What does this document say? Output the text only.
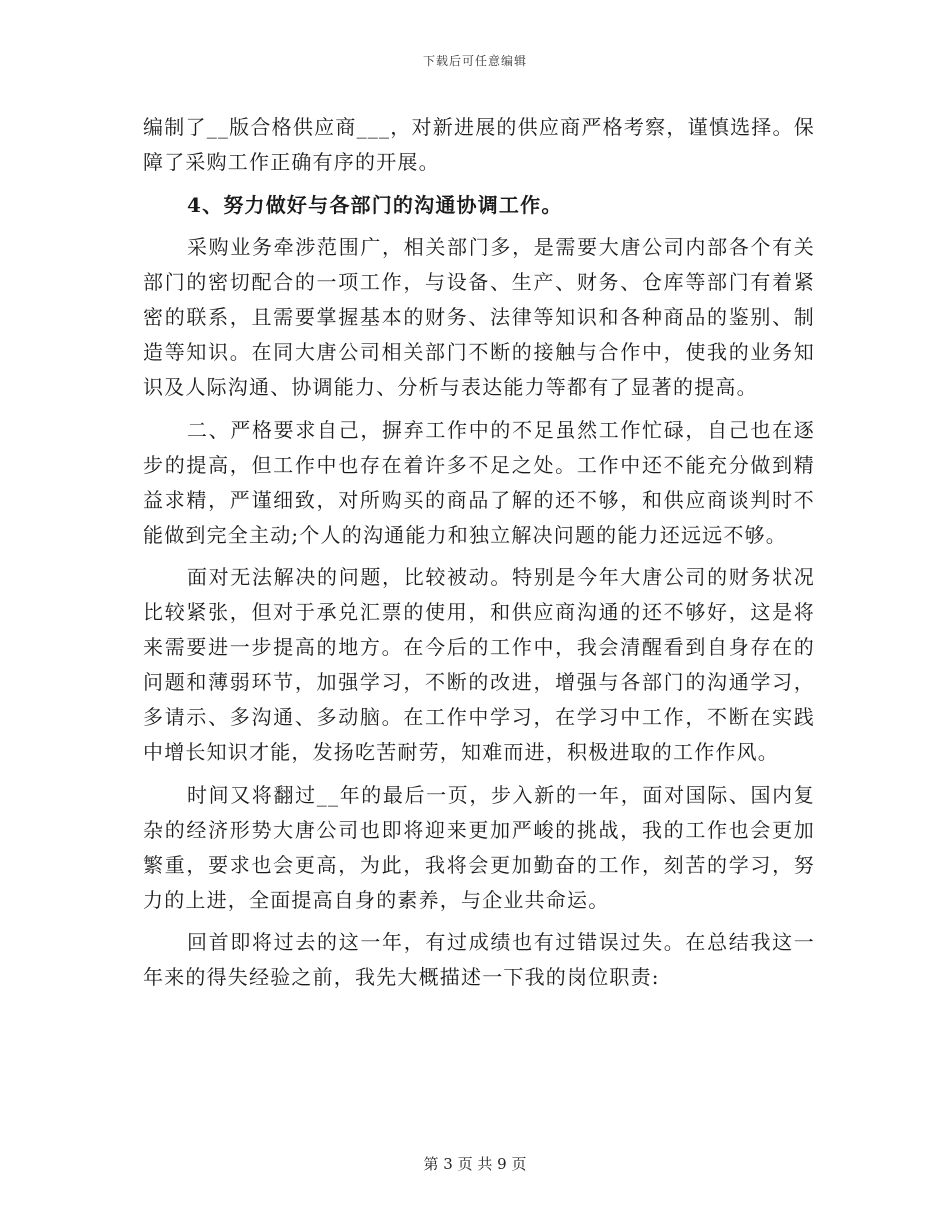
下载后可任意编辑

编制了__版合格供应商___，对新进展的供应商严格考察，谨慎选择。保障了采购工作正确有序的开展。

4、努力做好与各部门的沟通协调工作。

采购业务牵涉范围广，相关部门多，是需要大唐公司内部各个有关部门的密切配合的一项工作，与设备、生产、财务、仓库等部门有着紧密的联系，且需要掌握基本的财务、法律等知识和各种商品的鉴别、制造等知识。在同大唐公司相关部门不断的接触与合作中，使我的业务知识及人际沟通、协调能力、分析与表达能力等都有了显著的提高。

二、严格要求自己，摒弃工作中的不足虽然工作忙碌，自己也在逐步的提高，但工作中也存在着许多不足之处。工作中还不能充分做到精益求精，严谨细致，对所购买的商品了解的还不够，和供应商谈判时不能做到完全主动;个人的沟通能力和独立解决问题的能力还远远不够。

面对无法解决的问题，比较被动。特别是今年大唐公司的财务状况比较紧张，但对于承兑汇票的使用，和供应商沟通的还不够好，这是将来需要进一步提高的地方。在今后的工作中，我会清醒看到自身存在的问题和薄弱环节，加强学习，不断的改进，增强与各部门的沟通学习，多请示、多沟通、多动脑。在工作中学习，在学习中工作，不断在实践中增长知识才能，发扬吃苦耐劳，知难而进，积极进取的工作作风。

时间又将翻过__年的最后一页，步入新的一年，面对国际、国内复杂的经济形势大唐公司也即将迎来更加严峻的挑战，我的工作也会更加繁重，要求也会更高，为此，我将会更加勤奋的工作，刻苦的学习，努力的上进，全面提高自身的素养，与企业共命运。

回首即将过去的这一年，有过成绩也有过错误过失。在总结我这一年来的得失经验之前，我先大概描述一下我的岗位职责:

第 3 页 共 9 页
